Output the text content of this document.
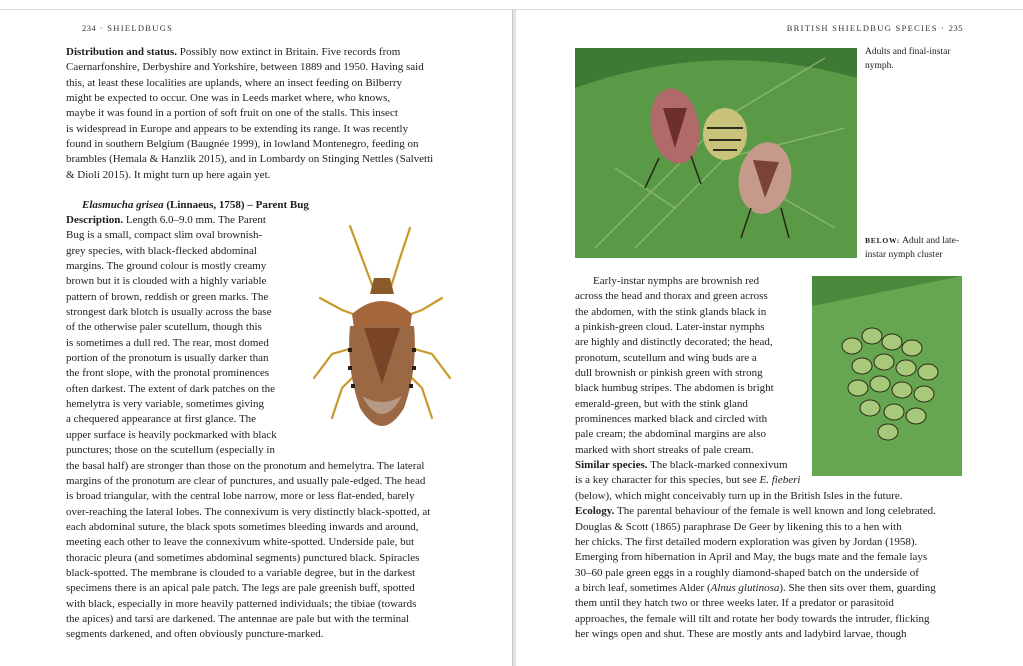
234 · SHIELDBUGS
Distribution and status. Possibly now extinct in Britain. Five records from
Caernarfonshire, Derbyshire and Yorkshire, between 1889 and 1950. Having said
this, at least these localities are uplands, where an insect feeding on Bilberry
might be expected to occur. One was in Leeds market where, who knows,
maybe it was found in a portion of soft fruit on one of the stalls. This insect
is widespread in Europe and appears to be extending its range. It was recently
found in southern Belgium (Baugnée 1999), in lowland Montenegro, feeding on
brambles (Hemala & Hanzlik 2015), and in Lombardy on Stinging Nettles (Salvetti
& Dioli 2015). It might turn up here again yet.
Elasmucha grisea (Linnaeus, 1758) – Parent Bug
Description. Length 6.0–9.0 mm. The Parent
Bug is a small, compact slim oval brownish-
grey species, with black-flecked abdominal
margins. The ground colour is mostly creamy
brown but it is clouded with a highly variable
pattern of brown, reddish or green marks. The
strongest dark blotch is usually across the base
of the otherwise paler scutellum, though this
is sometimes a dull red. The rear, most domed
portion of the pronotum is usually darker than
the front slope, with the pronotal prominences
often darkest. The extent of dark patches on the
hemelytra is very variable, sometimes giving
a chequered appearance at first glance. The
upper surface is heavily pockmarked with black
punctures; those on the scutellum (especially in
the basal half) are stronger than those on the pronotum and hemelytra. The lateral
margins of the pronotum are clear of punctures, and usually pale-edged. The head
is broad triangular, with the central lobe narrow, more or less flat-ended, barely
over-reaching the lateral lobes. The connexivum is very distinctly black-spotted, at
each abdominal suture, the black spots sometimes bleeding inwards and around,
meeting each other to leave the connexivum white-spotted. Underside pale, but
thoracic pleura (and sometimes abdominal segments) punctured black. Spiracles
black-spotted. The membrane is clouded to a variable degree, but in the darkest
specimens there is an apical pale patch. The legs are pale greenish buff, spotted
with black, especially in more heavily patterned individuals; the tibiae (towards
the apices) and tarsi are darkened. The antennae are pale but with the terminal
segments darkened, and often obviously puncture-marked.
BRITISH SHIELDBUG SPECIES · 235
Adults and final-instar
nymph.
BELOW: Adult and late-
instar nymph cluster
Early-instar nymphs are brownish red
across the head and thorax and green across
the abdomen, with the stink glands black in
a pinkish-green cloud. Later-instar nymphs
are highly and distinctly decorated; the head,
pronotum, scutellum and wing buds are a
dull brownish or pinkish green with strong
black humbug stripes. The abdomen is bright
emerald-green, but with the stink gland
prominences marked black and circled with
pale cream; the abdominal margins are also
marked with short streaks of pale cream.
Similar species. The black-marked connexivum
is a key character for this species, but see E. fieberi
(below), which might conceivably turn up in the British Isles in the future.
Ecology. The parental behaviour of the female is well known and long celebrated.
Douglas & Scott (1865) paraphrase De Geer by likening this to a hen with
her chicks. The first detailed modern exploration was given by Jordan (1958).
Emerging from hibernation in April and May, the bugs mate and the female lays
30–60 pale green eggs in a roughly diamond-shaped batch on the underside of
a birch leaf, sometimes Alder (Alnus glutinosa). She then sits over them, guarding
them until they hatch two or three weeks later. If a predator or parasitoid
approaches, the female will tilt and rotate her body towards the intruder, flicking
her wings open and shut. These are mostly ants and ladybird larvae, though
